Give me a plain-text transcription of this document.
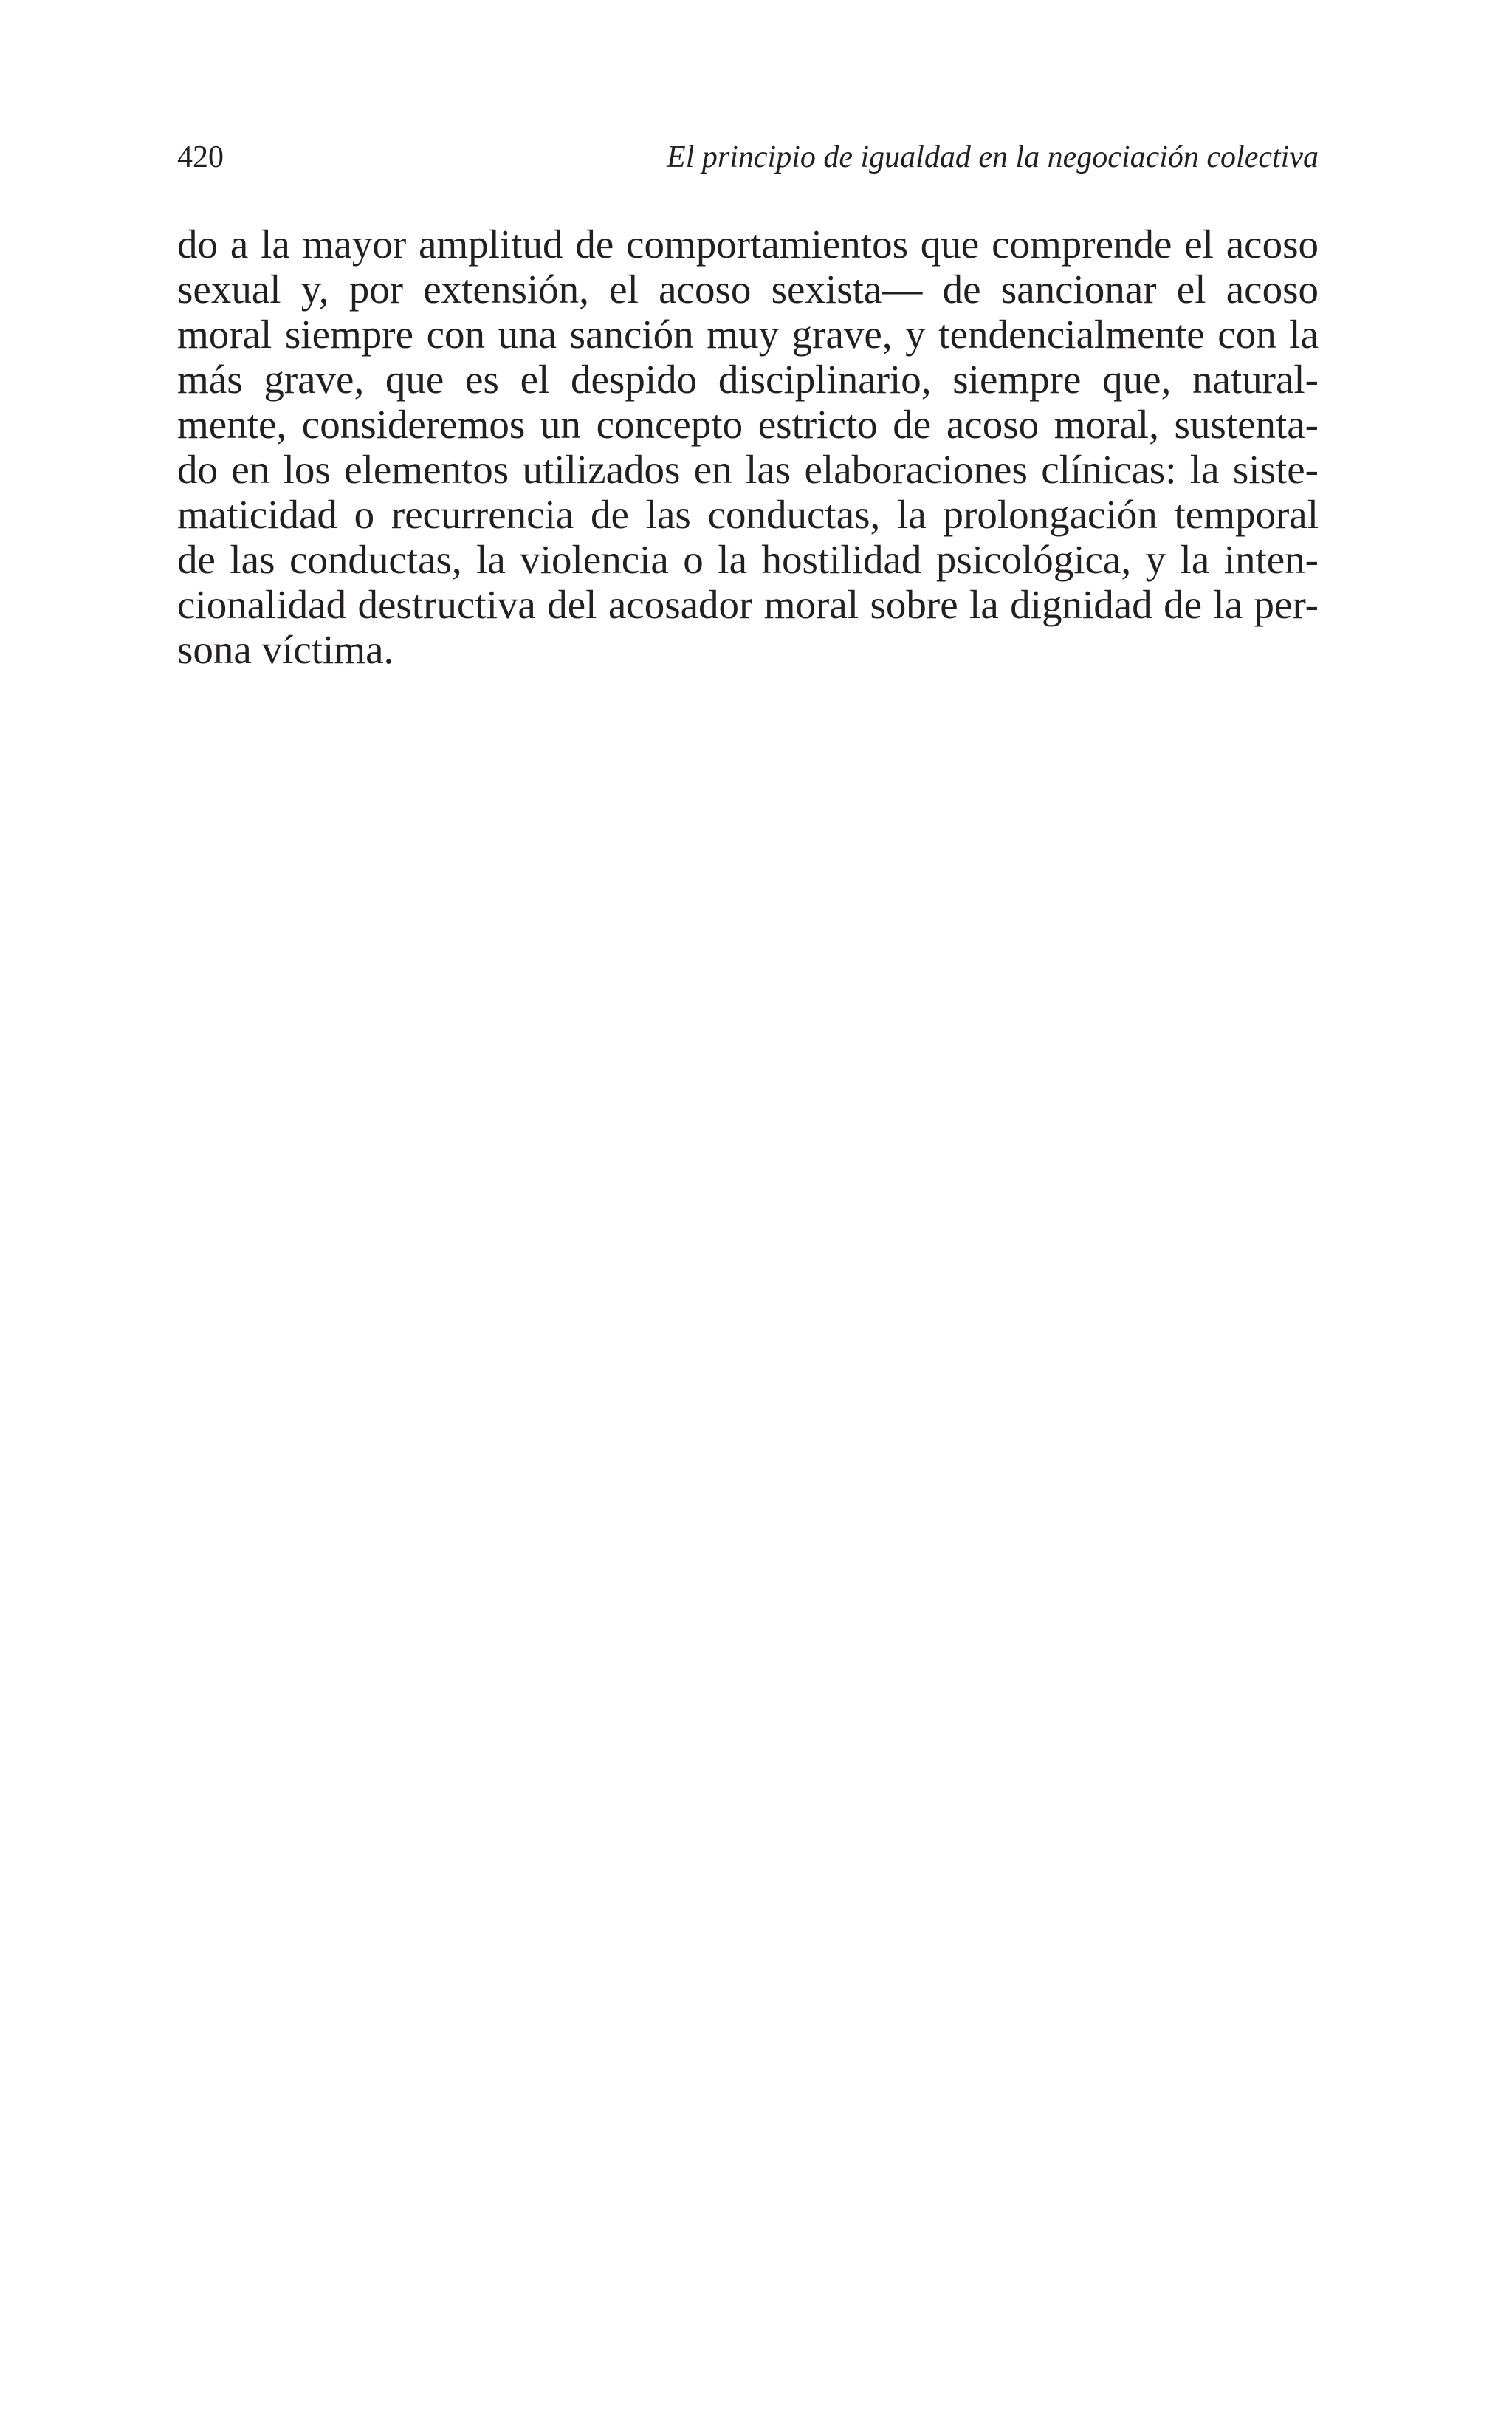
420	El principio de igualdad en la negociación colectiva
do a la mayor amplitud de comportamientos que comprende el acoso
sexual y, por extensión, el acoso sexista— de sancionar el acoso
moral siempre con una sanción muy grave, y tendencialmente con la
más grave, que es el despido disciplinario, siempre que, natural-
mente, consideremos un concepto estricto de acoso moral, sustenta-
do en los elementos utilizados en las elaboraciones clínicas: la siste-
maticidad o recurrencia de las conductas, la prolongación temporal
de las conductas, la violencia o la hostilidad psicológica, y la inten-
cionalidad destructiva del acosador moral sobre la dignidad de la per-
sona víctima.
